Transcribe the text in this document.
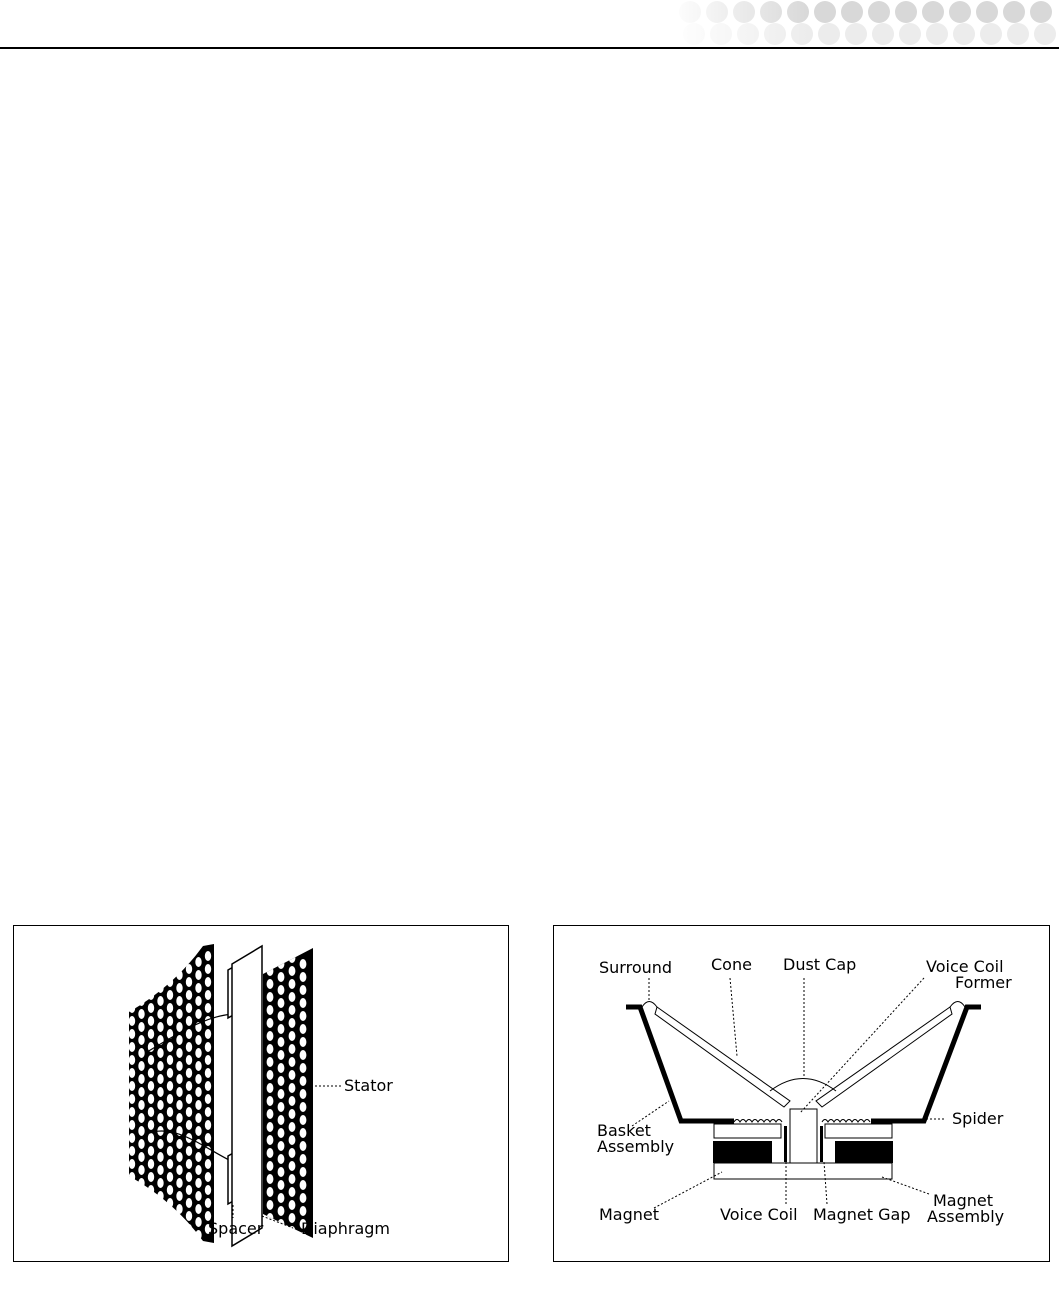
Stator
Spacer Diaphragm
Surround Cone Dust Cap	Voice Coil
Former
Basket
Assembly
Spider
Magnet	Voice Coil Magnet Gap
Magnet
Assembly
